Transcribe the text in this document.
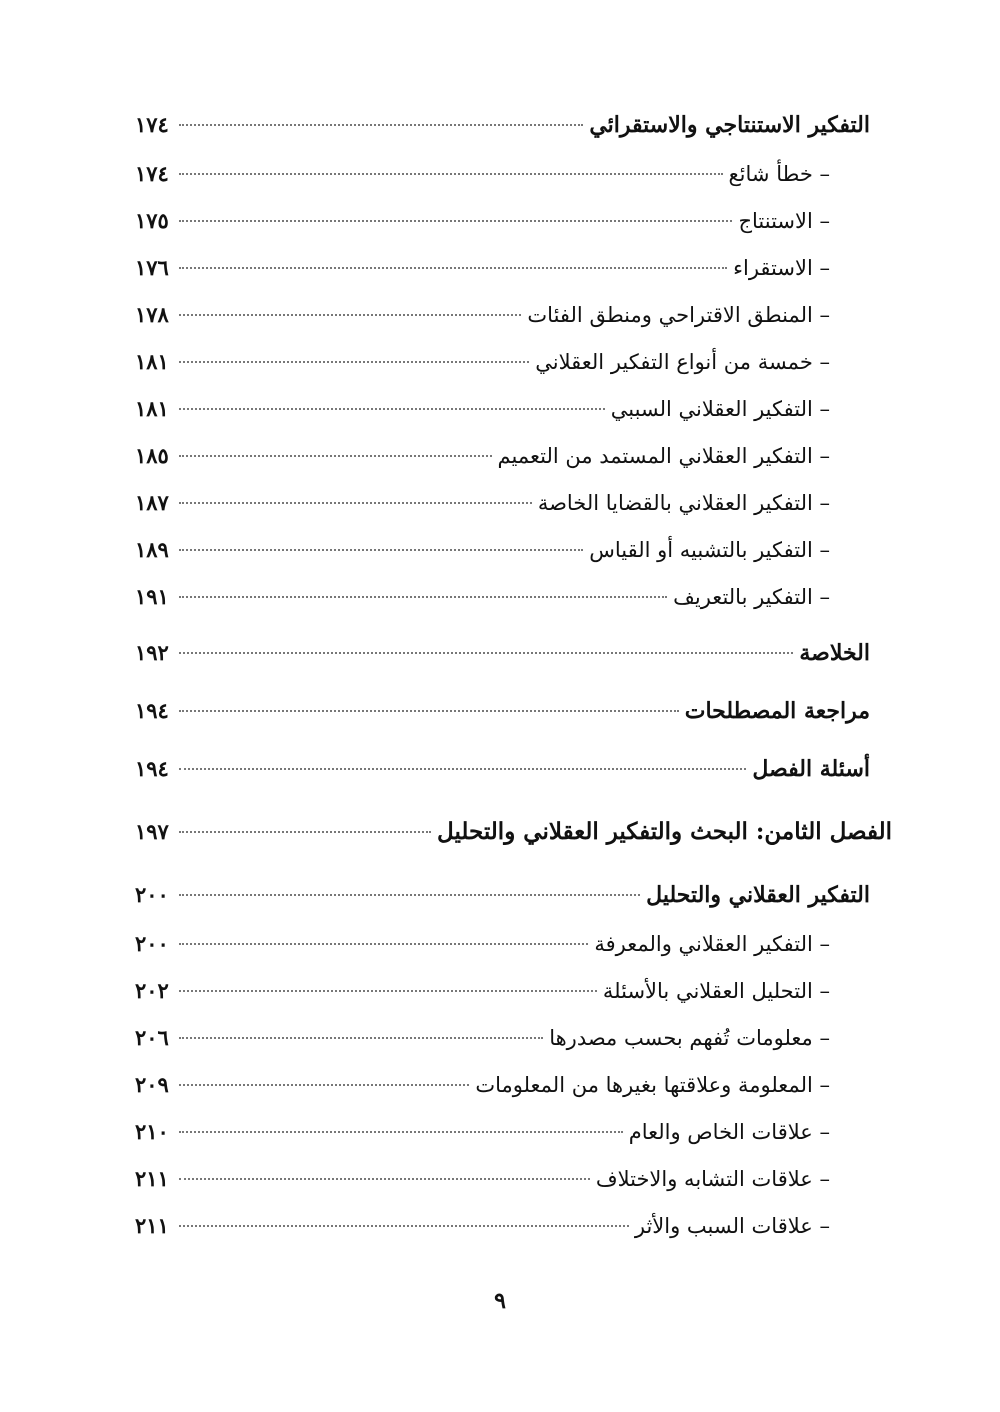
التفكير الاستنتاجي والاستقرائي
١٧٤
– خطأ شائع
١٧٤
– الاستنتاج
١٧٥
– الاستقراء
١٧٦
– المنطق الاقتراحي ومنطق الفئات
١٧٨
– خمسة من أنواع التفكير العقلاني
١٨١
– التفكير العقلاني السببي
١٨١
– التفكير العقلاني المستمد من التعميم
١٨٥
– التفكير العقلاني بالقضايا الخاصة
١٨٧
– التفكير بالتشبيه أو القياس
١٨٩
– التفكير بالتعريف
١٩١
الخلاصة
١٩٢
مراجعة المصطلحات
١٩٤
أسئلة الفصل
١٩٤
الفصل الثامن: البحث والتفكير العقلاني والتحليل
١٩٧
التفكير العقلاني والتحليل
٢٠٠
– التفكير العقلاني والمعرفة
٢٠٠
– التحليل العقلاني بالأسئلة
٢٠٢
– معلومات تُفهم بحسب مصدرها
٢٠٦
– المعلومة وعلاقتها بغيرها من المعلومات
٢٠٩
– علاقات الخاص والعام
٢١٠
– علاقات التشابه والاختلاف
٢١١
– علاقات السبب والأثر
٢١١
٩
